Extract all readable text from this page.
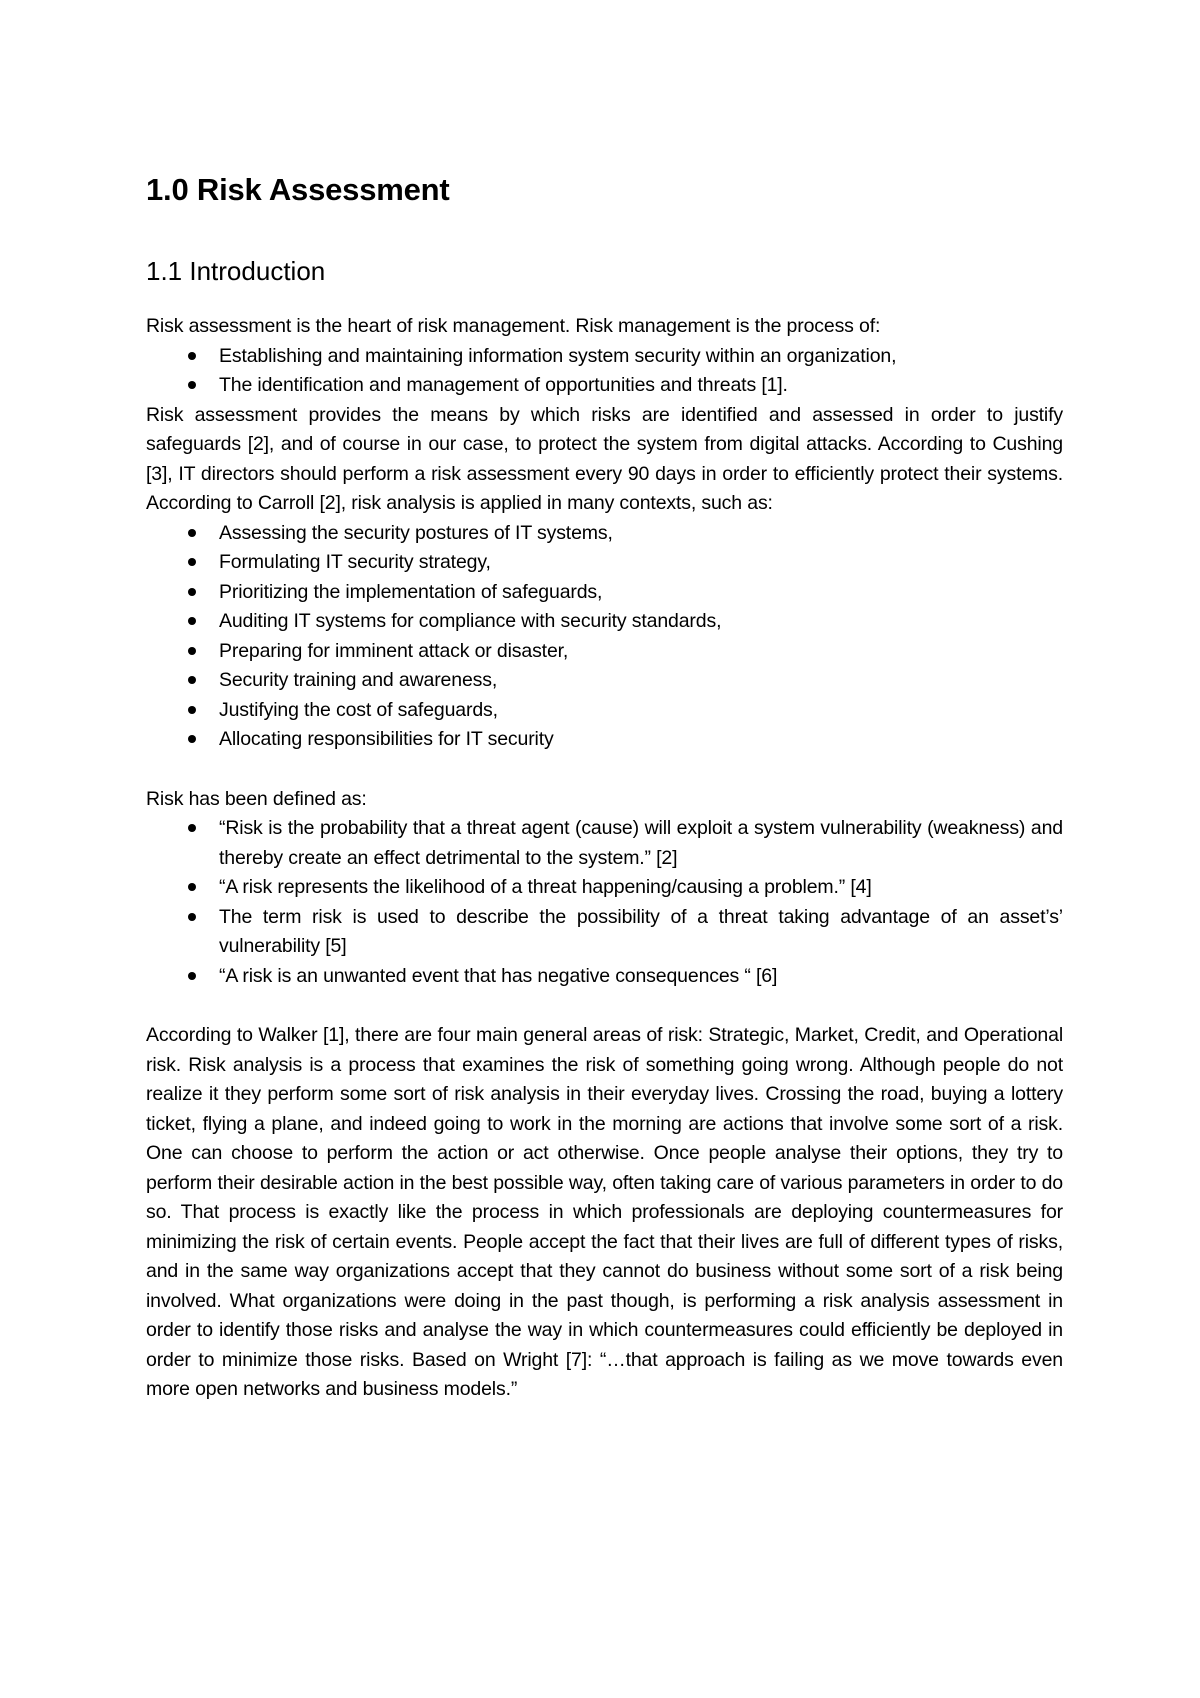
1.0 Risk Assessment
1.1 Introduction

Risk assessment is the heart of risk management. Risk management is the process of:

Establishing and maintaining information system security within an organization,
The identification and management of opportunities and threats [1].

Risk assessment provides the means by which risks are identified and assessed in order to justify safeguards [2], and of course in our case, to protect the system from digital attacks. According to Cushing [3], IT directors should perform a risk assessment every 90 days in order to efficiently protect their systems. According to Carroll [2], risk analysis is applied in many contexts, such as:

Assessing the security postures of IT systems,
Formulating IT security strategy,
Prioritizing the implementation of safeguards,
Auditing IT systems for compliance with security standards,
Preparing for imminent attack or disaster,
Security training and awareness,
Justifying the cost of safeguards,
Allocating responsibilities for IT security

Risk has been defined as:

“Risk is the probability that a threat agent (cause) will exploit a system vulnerability (weakness) and thereby create an effect detrimental to the system.” [2]
“A risk represents the likelihood of a threat happening/causing a problem.” [4]
The term risk is used to describe the possibility of a threat taking advantage of an asset’s’ vulnerability [5]
“A risk is an unwanted event that has negative consequences “ [6]

According to Walker [1], there are four main general areas of risk: Strategic, Market, Credit, and Operational risk. Risk analysis is a process that examines the risk of something going wrong. Although people do not realize it they perform some sort of risk analysis in their everyday lives. Crossing the road, buying a lottery ticket, flying a plane, and indeed going to work in the morning are actions that involve some sort of a risk. One can choose to perform the action or act otherwise. Once people analyse their options, they try to perform their desirable action in the best possible way, often taking care of various parameters in order to do so. That process is exactly like the process in which professionals are deploying countermeasures for minimizing the risk of certain events. People accept the fact that their lives are full of different types of risks, and in the same way organizations accept that they cannot do business without some sort of a risk being involved. What organizations were doing in the past though, is performing a risk analysis assessment in order to identify those risks and analyse the way in which countermeasures could efficiently be deployed in order to minimize those risks. Based on Wright [7]: “…that approach is failing as we move towards even more open networks and business models.”
